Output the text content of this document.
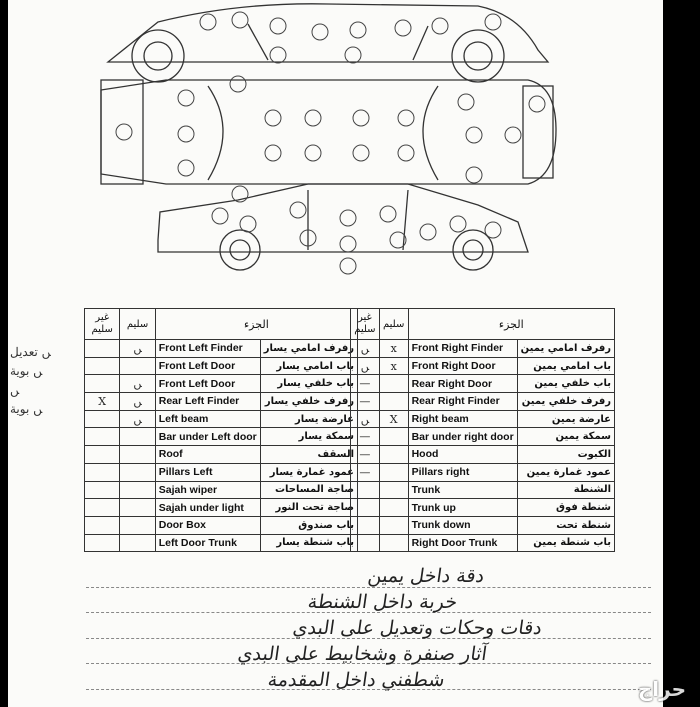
غير سليم	سليم	الجزء	
	ﮟ	Front Left Finder	رفرف امامي يسار
		Front Left Door	باب امامي يسار
	ﮟ	Front Left Door	باب خلفي يسار
X	ﮟ	Rear Left Finder	رفرف خلفي يسار
	ﮟ	Left beam	عارضة يسار
		Bar under Left door	سمكة يسار
		Roof	السقف
		Pillars Left	عمود غمارة يسار
		Sajah wiper	صاجة المساحات
		Sajah under light	صاجة تحت النور
		Door Box	باب صندوق
		Left Door Trunk	باب شنطة يسار
غير سليم	سليم	الجزء	
ﮟ	x	Front Right Finder	رفرف امامي يمين
ﮟ	x	Front Right Door	باب امامي يمين
—		Rear Right Door	باب خلفي يمين
—		Rear Right Finder	رفرف خلفي يمين
ﮟ	X	Right beam	عارضة يمين
—		Bar under right door	سمكة يمين
—		Hood	الكبوت
—		Pillars right	عمود غمارة يمين
		Trunk	الشنطة
		Trunk up	شنطة فوق
		Trunk down	شنطة تحت
		Right Door Trunk	باب شنطة يمين
ﮟ تعديل
ﮟ بوية
ﮟ
ﮟ بوية
دقة داخل يمين
خربة داخل الشنطة
دقات وحكات وتعديل على البدي
آثار صنفرة وشخابيط على البدي
شطفني داخل المقدمة	حراج
